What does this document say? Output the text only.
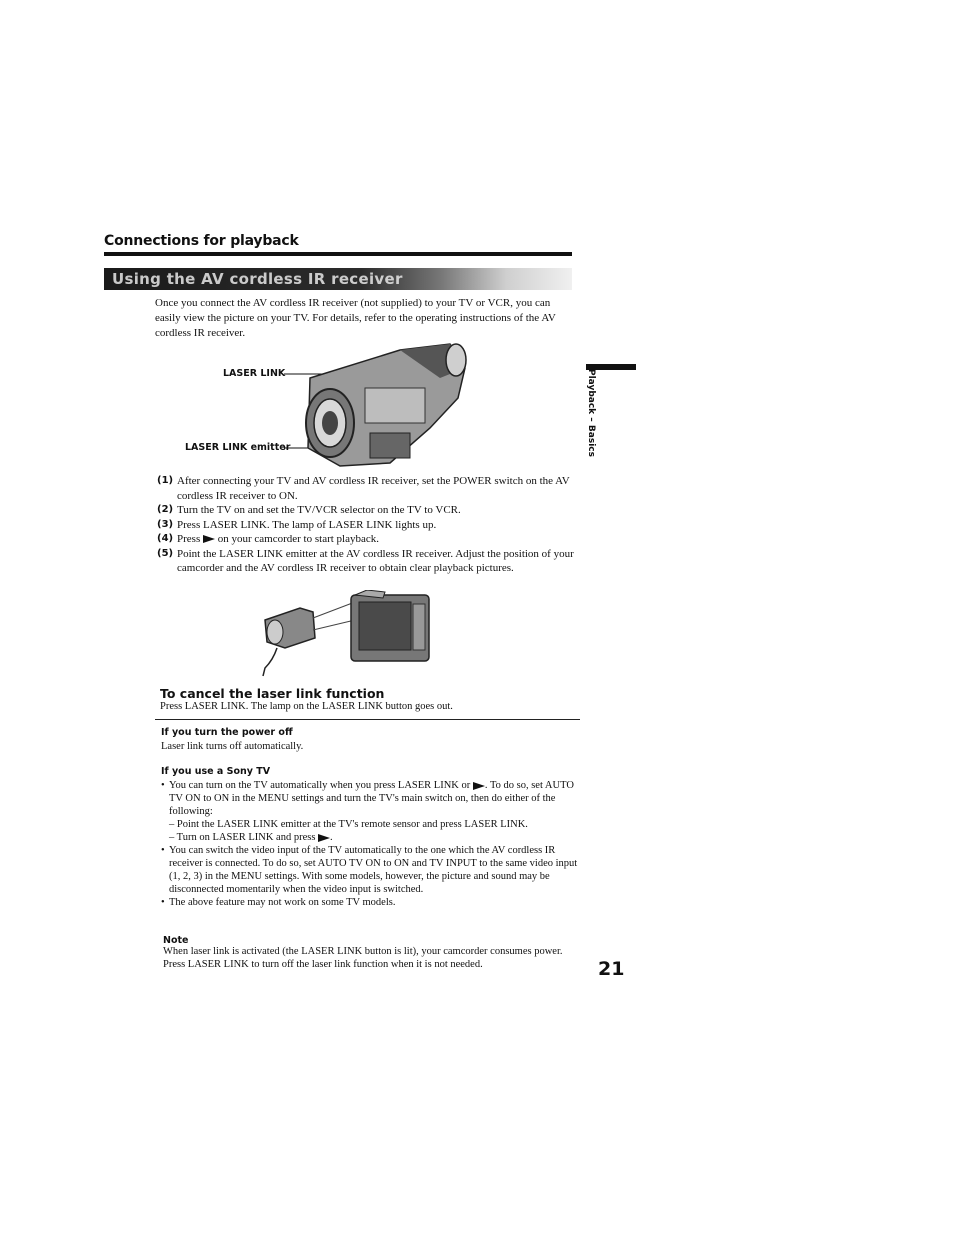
Connections for playback
Using the AV cordless IR receiver
Once you connect the AV cordless IR receiver (not supplied) to your TV or VCR, you can easily view the picture on your TV. For details, refer to the operating instructions of the AV cordless IR receiver.
LASER LINK
LASER LINK emitter
(1) After connecting your TV and AV cordless IR receiver, set the POWER switch on the AV cordless IR receiver to ON.
(2) Turn the TV on and set the TV/VCR selector on the TV to VCR.
(3) Press LASER LINK. The lamp of LASER LINK lights up.
(4) Press on your camcorder to start playback.
(5) Point the LASER LINK emitter at the AV cordless IR receiver. Adjust the position of your camcorder and the AV cordless IR receiver to obtain clear playback pictures.
To cancel the laser link function
Press LASER LINK. The lamp on the LASER LINK button goes out.
If you turn the power off
Laser link turns off automatically.
If you use a Sony TV
• You can turn on the TV automatically when you press LASER LINK or . To do so, set AUTO TV ON to ON in the MENU settings and turn the TV's main switch on, then do either of the following:
– Point the LASER LINK emitter at the TV's remote sensor and press LASER LINK.
– Turn on LASER LINK and press .
• You can switch the video input of the TV automatically to the one which the AV cordless IR receiver is connected. To do so, set AUTO TV ON to ON and TV INPUT to the same video input (1, 2, 3) in the MENU settings. With some models, however, the picture and sound may be disconnected momentarily when the video input is switched.
• The above feature may not work on some TV models.
Note
When laser link is activated (the LASER LINK button is lit), your camcorder consumes power. Press LASER LINK to turn off the laser link function when it is not needed.
Playback – Basics
21
